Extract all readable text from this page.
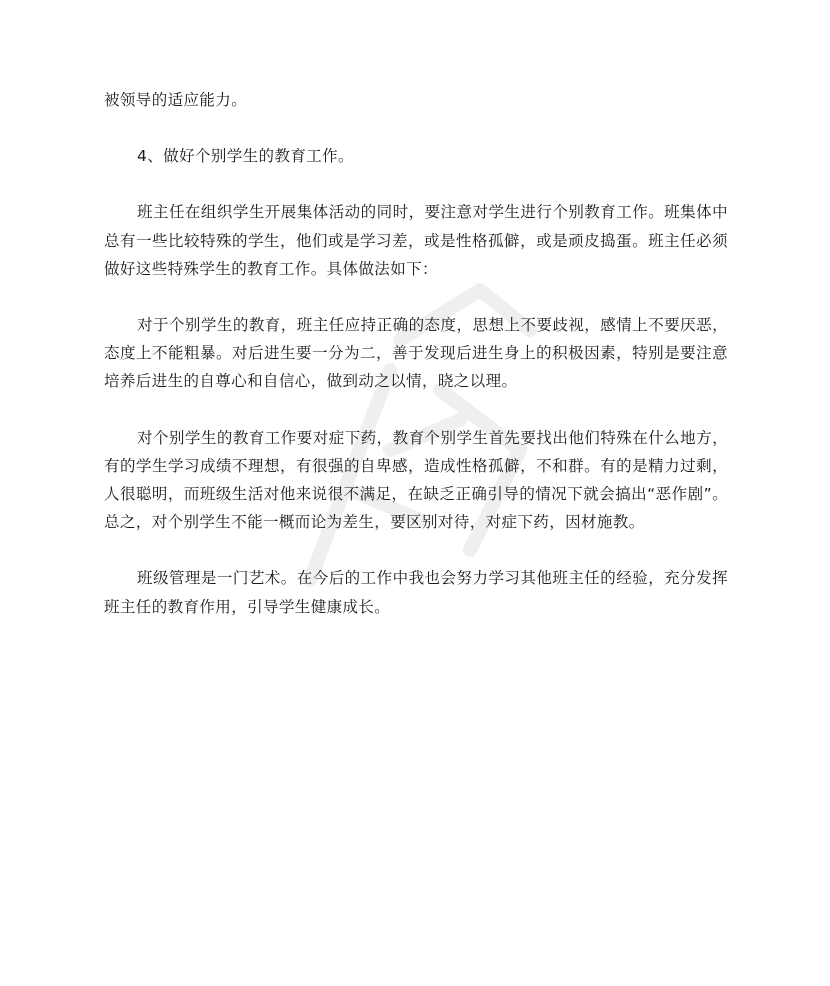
被领导的适应能力。

4、做好个别学生的教育工作。

班主任在组织学生开展集体活动的同时，要注意对学生进行个别教育工作。班集体中总有一些比较特殊的学生，他们或是学习差，或是性格孤僻，或是顽皮捣蛋。班主任必须做好这些特殊学生的教育工作。具体做法如下：

对于个别学生的教育，班主任应持正确的态度，思想上不要歧视，感情上不要厌恶，态度上不能粗暴。对后进生要一分为二，善于发现后进生身上的积极因素，特别是要注意培养后进生的自尊心和自信心，做到动之以情，晓之以理。

对个别学生的教育工作要对症下药，教育个别学生首先要找出他们特殊在什么地方，有的学生学习成绩不理想，有很强的自卑感，造成性格孤僻，不和群。有的是精力过剩，人很聪明，而班级生活对他来说很不满足，在缺乏正确引导的情况下就会搞出“恶作剧”。总之，对个别学生不能一概而论为差生，要区别对待，对症下药，因材施教。

班级管理是一门艺术。在今后的工作中我也会努力学习其他班主任的经验，充分发挥班主任的教育作用，引导学生健康成长。
